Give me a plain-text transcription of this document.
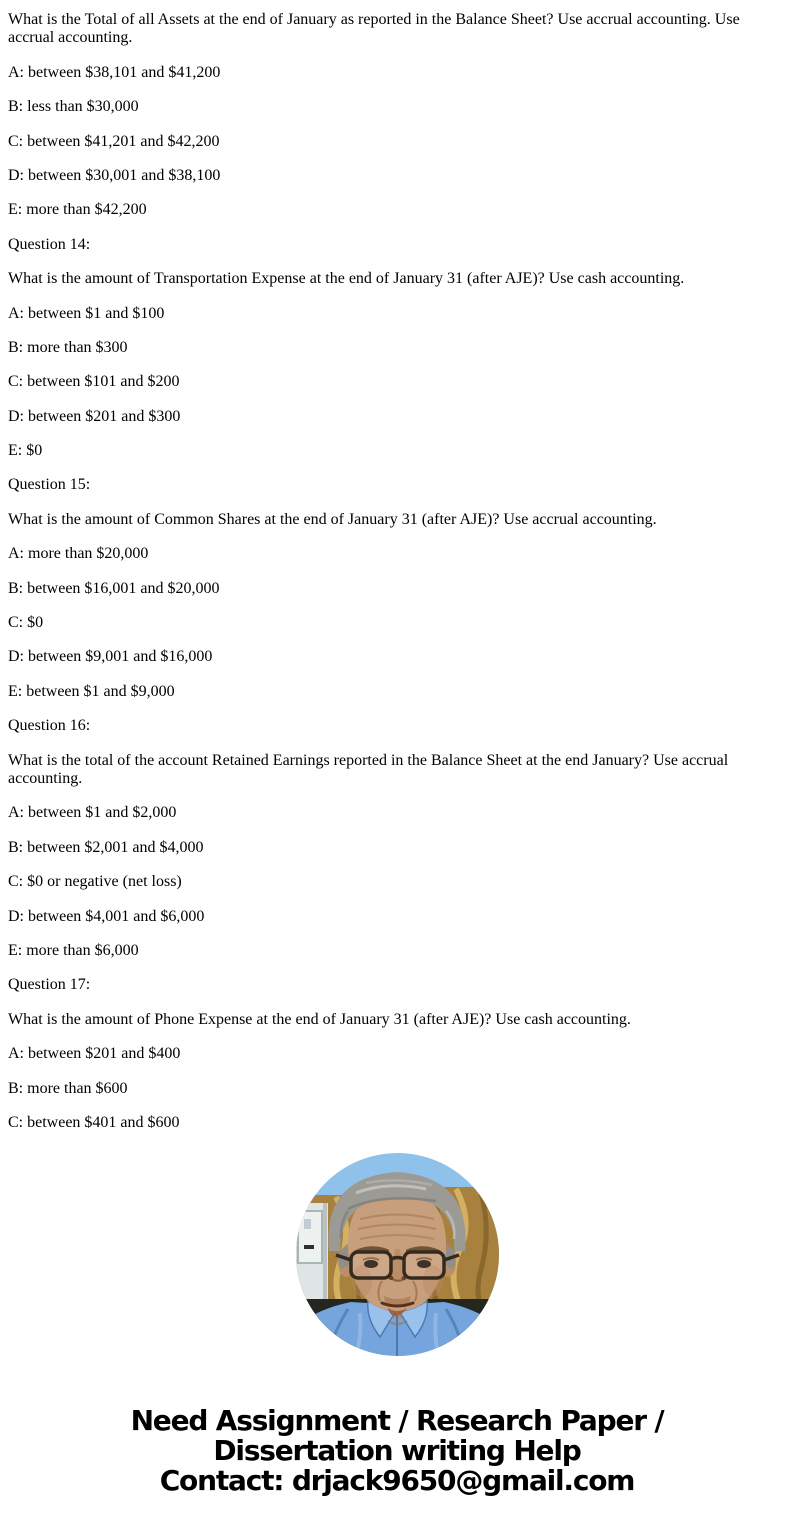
What is the Total of all Assets at the end of January as reported in the Balance Sheet? Use accrual accounting. Use accrual accounting.

A: between $38,101 and $41,200

B: less than $30,000

C: between $41,201 and $42,200

D: between $30,001 and $38,100

E: more than $42,200

Question 14:

What is the amount of Transportation Expense at the end of January 31 (after AJE)? Use cash accounting.

A: between $1 and $100

B: more than $300

C: between $101 and $200

D: between $201 and $300

E: $0

Question 15:

What is the amount of Common Shares at the end of January 31 (after AJE)? Use accrual accounting.

A: more than $20,000

B: between $16,001 and $20,000

C: $0

D: between $9,001 and $16,000

E: between $1 and $9,000

Question 16:

What is the total of the account Retained Earnings reported in the Balance Sheet at the end January? Use accrual accounting.

A: between $1 and $2,000

B: between $2,001 and $4,000

C: $0 or negative (net loss)

D: between $4,001 and $6,000

E: more than $6,000

Question 17:

What is the amount of Phone Expense at the end of January 31 (after AJE)? Use cash accounting.

A: between $201 and $400

B: more than $600

C: between $401 and $600

Need Assignment / Research Paper / Dissertation writing Help
Contact: drjack9650@gmail.com
